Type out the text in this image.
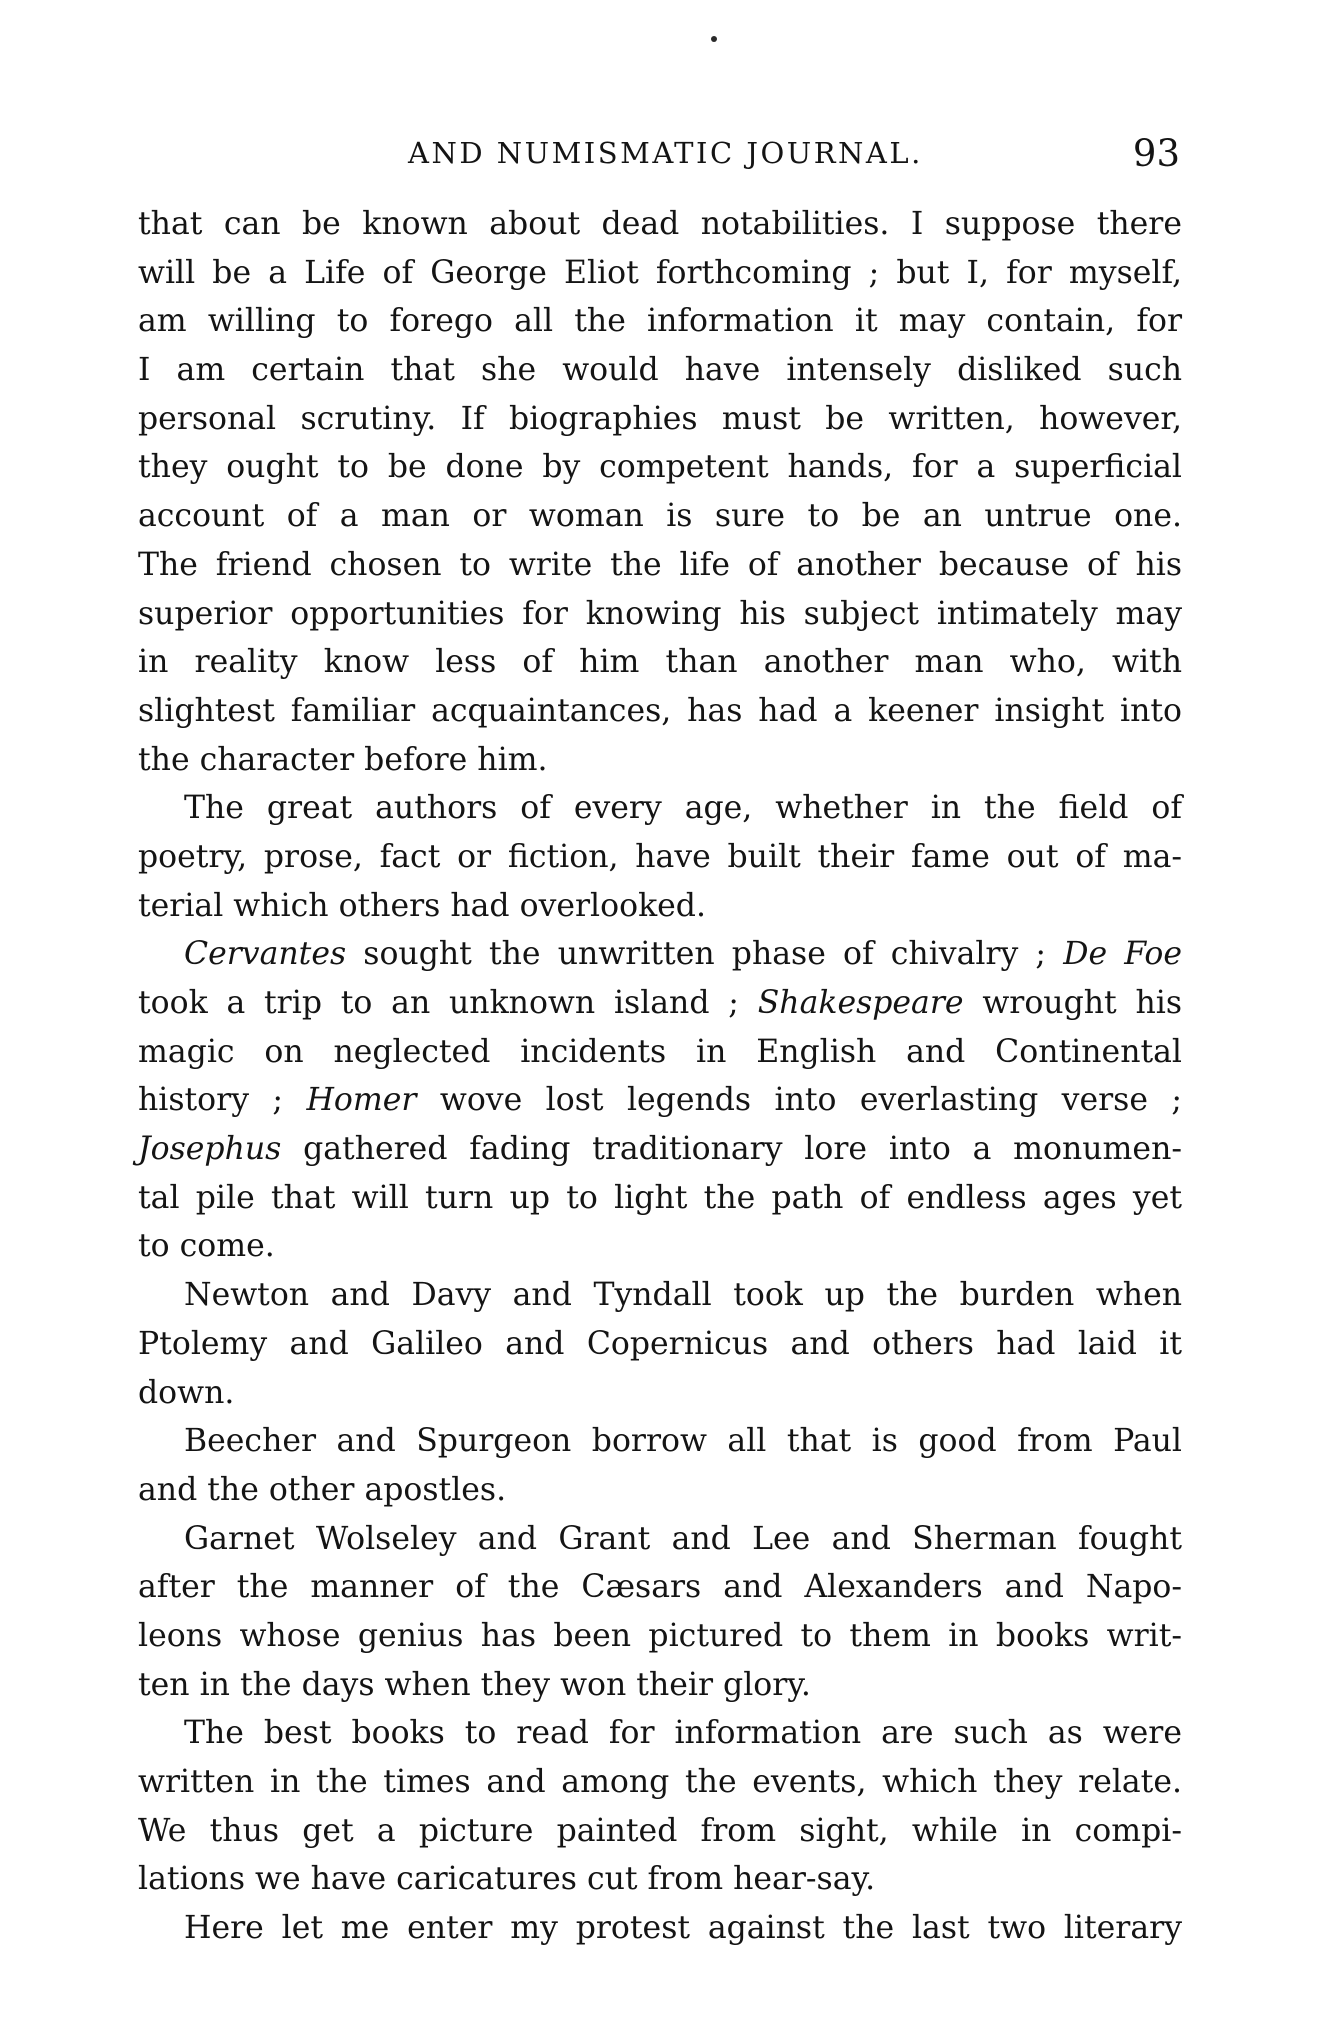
AND NUMISMATIC JOURNAL.	93
that can be known about dead notabilities. I suppose there
will be a Life of George Eliot forthcoming ; but I, for myself,
am willing to forego all the information it may contain, for
I am certain that she would have intensely disliked such
personal scrutiny. If biographies must be written, however,
they ought to be done by competent hands, for a superficial
account of a man or woman is sure to be an untrue one.
The friend chosen to write the life of another because of his
superior opportunities for knowing his subject intimately may
in reality know less of him than another man who, with
slightest familiar acquaintances, has had a keener insight into
the character before him.
The great authors of every age, whether in the field of
poetry, prose, fact or fiction, have built their fame out of ma-
terial which others had overlooked.
Cervantes sought the unwritten phase of chivalry ; De Foe
took a trip to an unknown island ; Shakespeare wrought his
magic on neglected incidents in English and Continental
history ; Homer wove lost legends into everlasting verse ;
Josephus gathered fading traditionary lore into a monumen-
tal pile that will turn up to light the path of endless ages yet
to come.
Newton and Davy and Tyndall took up the burden when
Ptolemy and Galileo and Copernicus and others had laid it
down.
Beecher and Spurgeon borrow all that is good from Paul
and the other apostles.
Garnet Wolseley and Grant and Lee and Sherman fought
after the manner of the Cæsars and Alexanders and Napo-
leons whose genius has been pictured to them in books writ-
ten in the days when they won their glory.
The best books to read for information are such as were
written in the times and among the events, which they relate.
We thus get a picture painted from sight, while in compi-
lations we have caricatures cut from hear-say.
Here let me enter my protest against the last two literary
